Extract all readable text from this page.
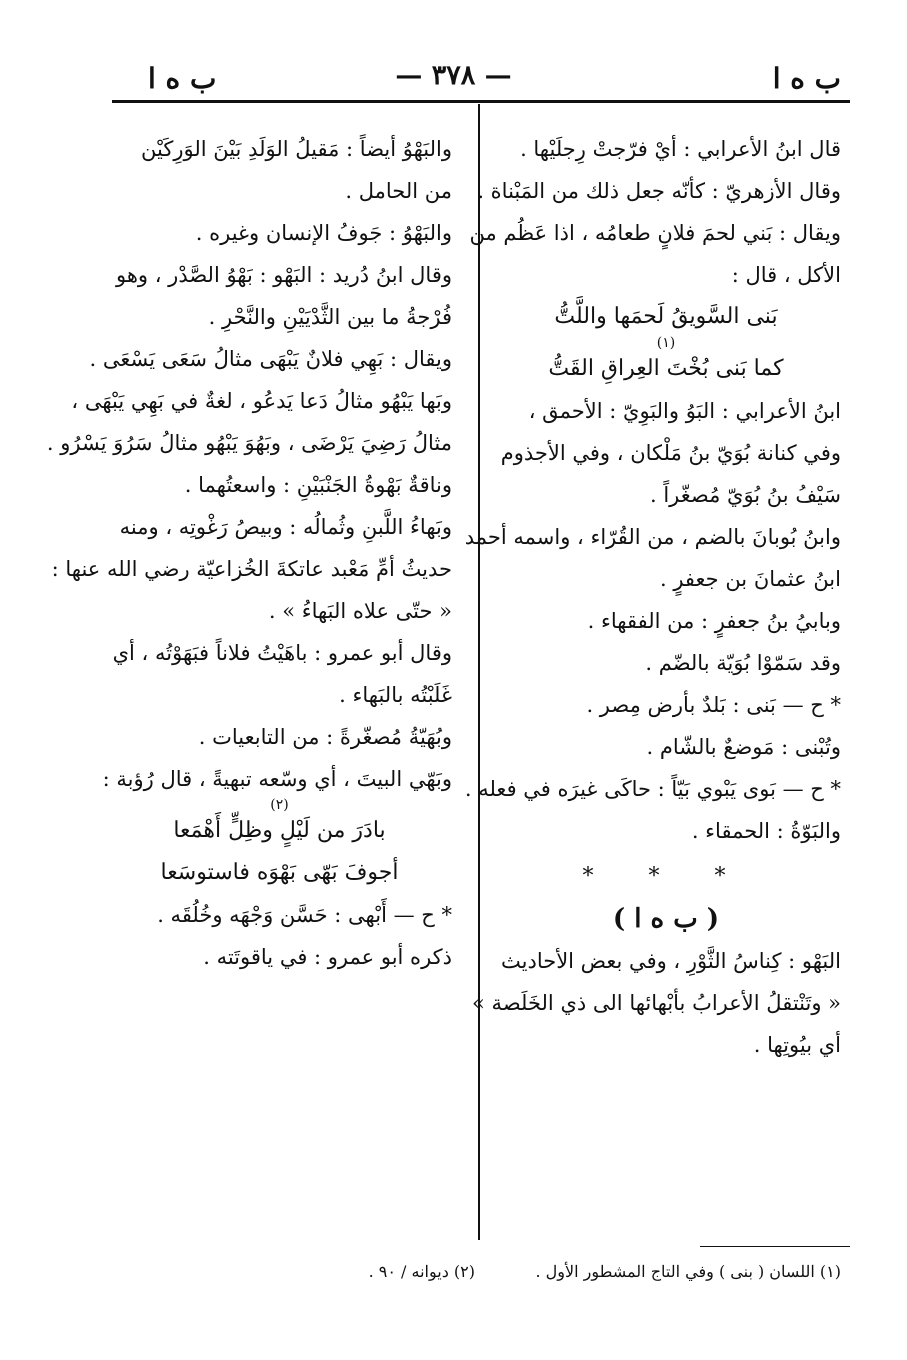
ب ه ا
— ٣٧٨ —
ب ه ا
قال ابنُ الأعرابي : أيْ فرّجتْ رِجلَيْها .
وقال الأزهريّ : كأنّه جعل ذلك من المَبْناة .
ويقال : بَني لحمَ فلانٍ طعامُه ، اذا عَظُم من
الأكل ، قال :
بَنى السَّويقُ لَحمَها واللَّتُّ
(١)
كما بَنى بُخْتَ العِراقِ القَتُّ
ابنُ الأعرابي : البَوُ والبَوِيّ : الأحمق ،
وفي كنانة بُوَيّ بنُ مَلْكان ، وفي الأجذوم
سَيْفُ بنُ بُوَيّ مُصغّراً .
وابنُ بُوبانَ بالضم ، من القُرّاء ، واسمه أحمد
ابنُ عثمانَ بن جعفرٍ .
وبابيُ بنُ جعفرٍ : من الفقهاء .
وقد سَمّوْا بُوَيّة بالضّم .
* ح — بَنى : بَلدٌ بأرض مِصر .
وتُبْنى : مَوضعٌ بالشّام .
* ح — بَوى يَبْوي بَيّاً : حاكَى غيرَه في فعله .
والبَوّةُ : الحمقاء .
* * *
( ب ه ا )
البَهْو : كِناسُ الثَّوْرِ ، وفي بعض الأحاديث
« وتَنْتقلُ الأعرابُ بأبْهائها الى ذي الخَلَصة »
أي بيُوتِها .
والبَهْوُ أيضاً : مَقيلُ الوَلَدِ بَيْنَ الوَرِكَيْن
من الحامل .
والبَهْوُ : جَوفُ الإنسان وغيره .
وقال ابنُ دُريد : البَهْو : بَهْوُ الصَّدْر ، وهو
فُرْجةُ ما بين الثَّدْيَيْنِ والنَّحْرِ .
ويقال : بَهِي فلانٌ يَبْهَى مثالُ سَعَى يَسْعَى .
وبَها يَبْهُو مثالُ دَعا يَدعُو ، لغةٌ في بَهِي يَبْهَى ،
مثالُ رَضِيَ يَرْضَى ، وبَهُوَ يَبْهُو مثالُ سَرُوَ يَسْرُو .
وناقةٌ بَهْوةُ الجَنْبَيْنِ : واسعتُهما .
وبَهاءُ اللَّبنِ وثُمالُه : وبيصُ رَغْوتِه ، ومنه
حديثُ أمِّ مَعْبد عاتكةَ الخُزاعيّة رضي الله عنها :
« حتّى علاه البَهاءُ » .
وقال أبو عمرو : باهَيْتُ فلاناً فبَهَوْتُه ، أي
غَلَبْتُه بالبَهاء .
وبُهَيّةُ مُصغّرةً : من التابعيات .
وبَهّي البيتَ ، أي وسّعه تبهيةً ، قال رُؤبة :
(٢)
بادَرَ من لَيْلٍ وظِلٍّ أَهْمَعا
أجوفَ بَهّى بَهْوَه فاستوسَعا
* ح — أَبْهى : حَسَّن وَجْهَه وخُلُقَه .
ذكره أبو عمرو : في ياقوتَته .
(١) اللسان ( بنى ) وفي التاج المشطور الأول .
(٢) ديوانه / ٩٠ .
